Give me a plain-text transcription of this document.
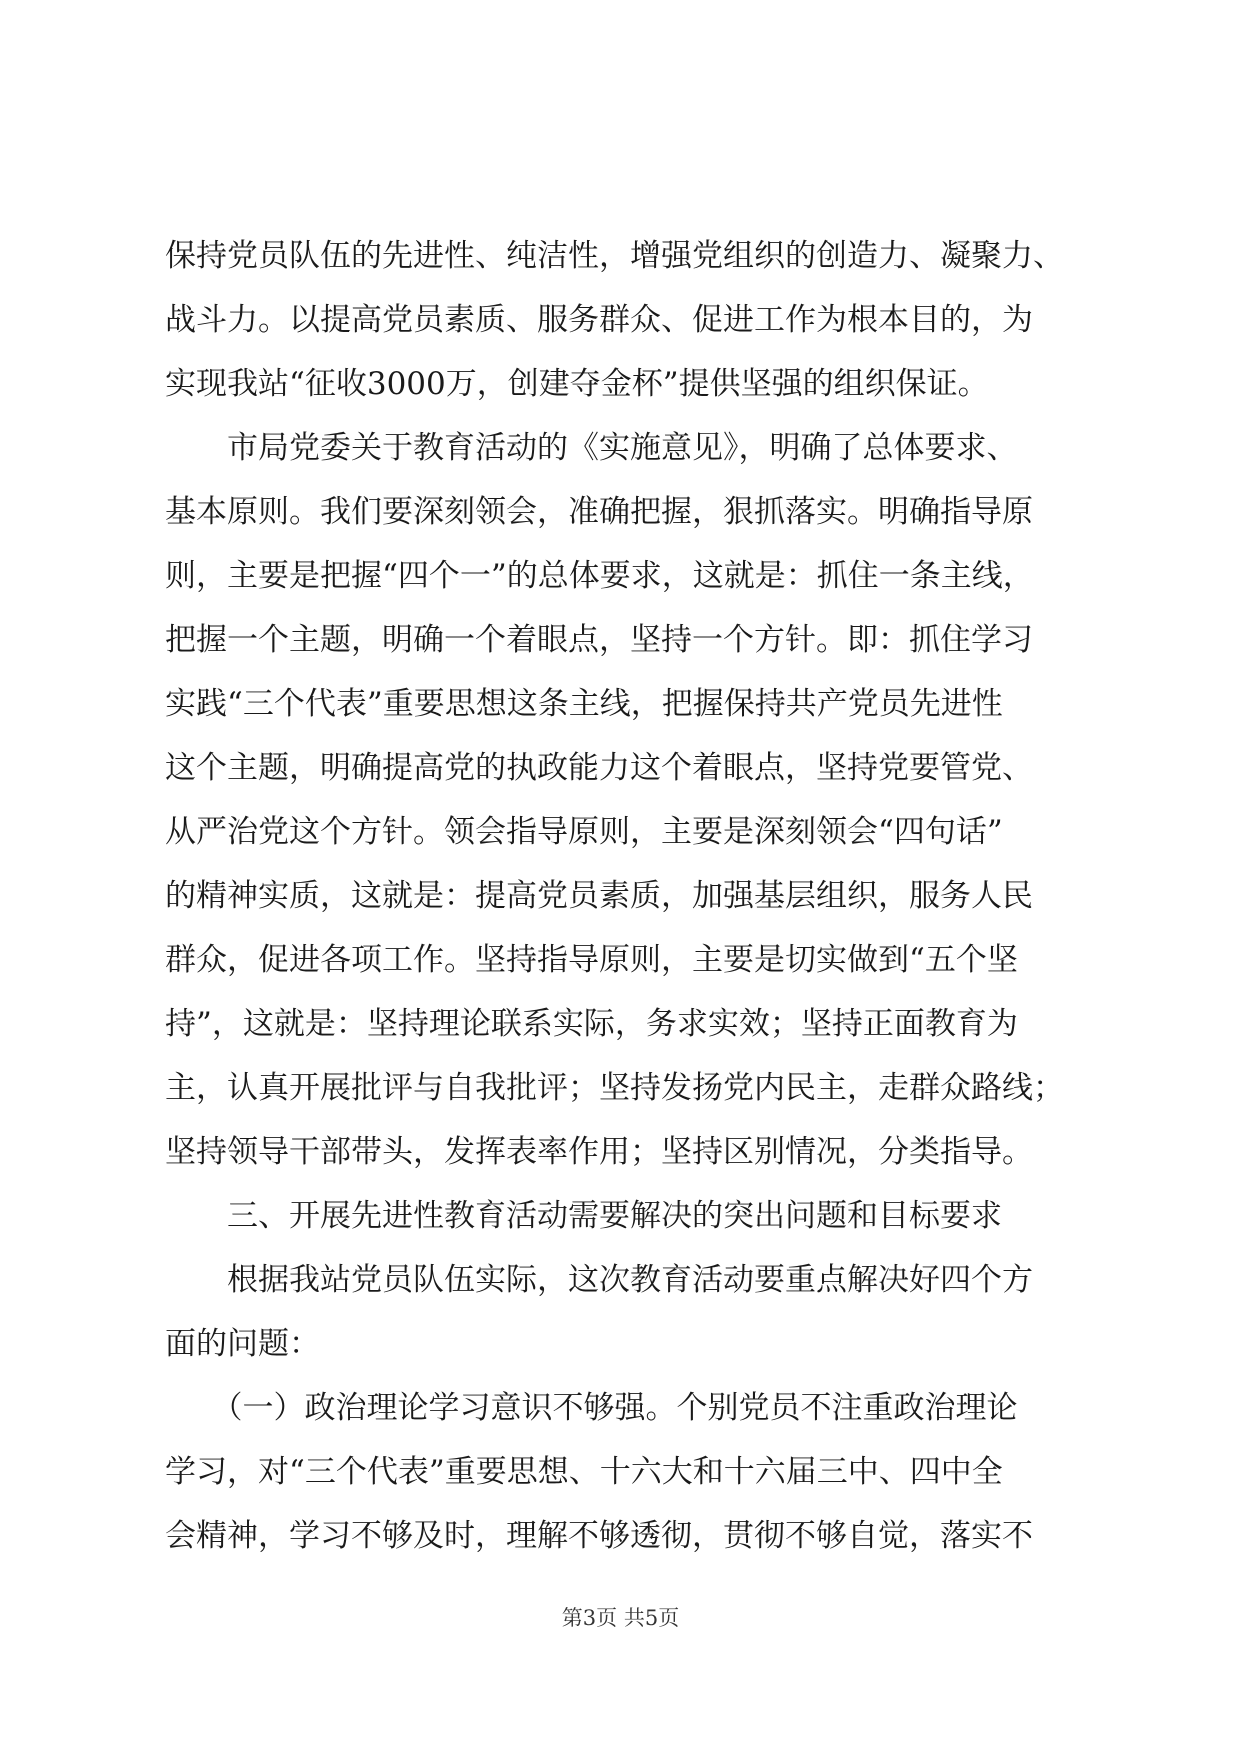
保持党员队伍的先进性、纯洁性，增强党组织的创造力、凝聚力、
战斗力。以提高党员素质、服务群众、促进工作为根本目的，为
实现我站“征收3000万，创建夺金杯”提供坚强的组织保证。
　　市局党委关于教育活动的《实施意见》，明确了总体要求、
基本原则。我们要深刻领会，准确把握，狠抓落实。明确指导原
则，主要是把握“四个一”的总体要求，这就是：抓住一条主线，
把握一个主题，明确一个着眼点，坚持一个方针。即：抓住学习
实践“三个代表”重要思想这条主线，把握保持共产党员先进性
这个主题，明确提高党的执政能力这个着眼点，坚持党要管党、
从严治党这个方针。领会指导原则，主要是深刻领会“四句话”
的精神实质，这就是：提高党员素质，加强基层组织，服务人民
群众，促进各项工作。坚持指导原则，主要是切实做到“五个坚
持”，这就是：坚持理论联系实际，务求实效；坚持正面教育为
主，认真开展批评与自我批评；坚持发扬党内民主，走群众路线；
坚持领导干部带头，发挥表率作用；坚持区别情况，分类指导。
　　三、开展先进性教育活动需要解决的突出问题和目标要求
　　根据我站党员队伍实际，这次教育活动要重点解决好四个方
面的问题：
　　（一）政治理论学习意识不够强。个别党员不注重政治理论
学习，对“三个代表”重要思想、十六大和十六届三中、四中全
会精神，学习不够及时，理解不够透彻，贯彻不够自觉，落实不
第3页 共5页
